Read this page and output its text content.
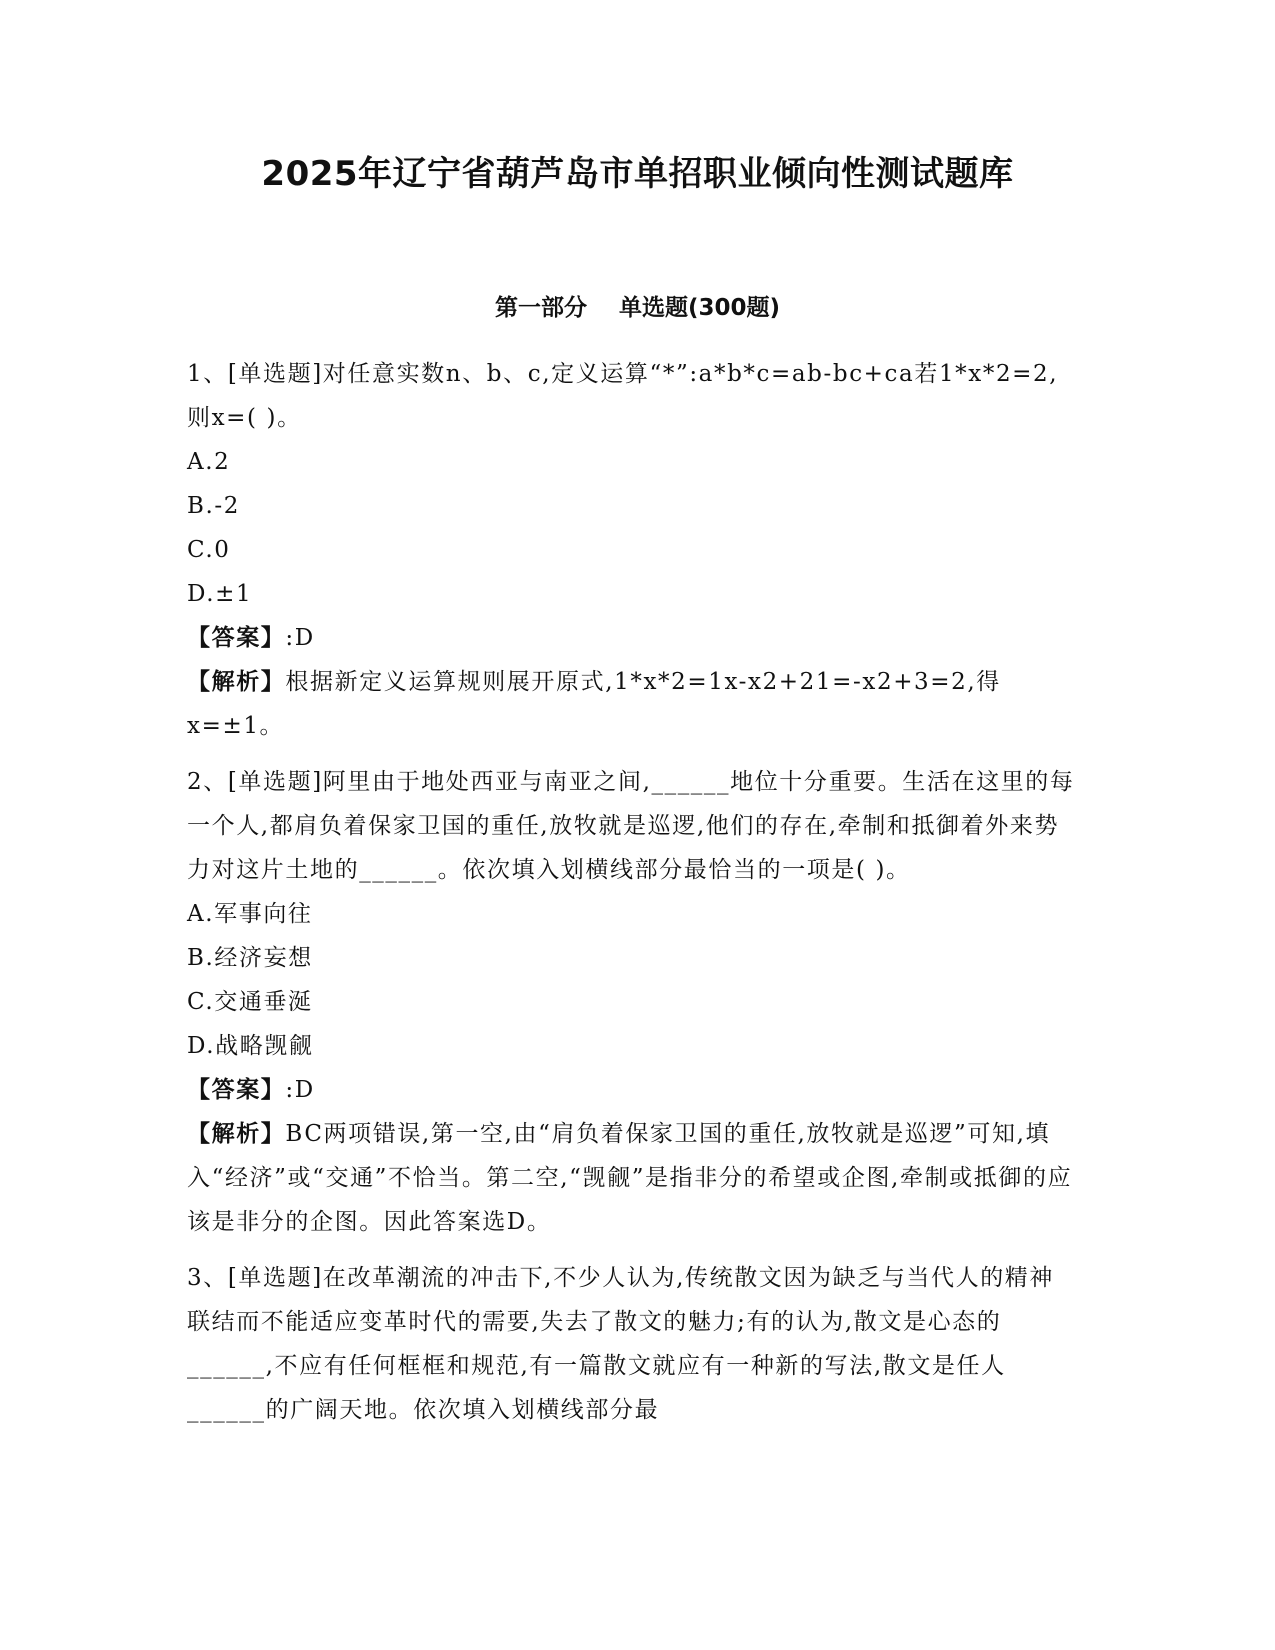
2025年辽宁省葫芦岛市单招职业倾向性测试题库
第一部分    单选题(300题)

1、[单选题]对任意实数n、b、c,定义运算“*”:a*b*c=ab-bc+ca若1*x*2=2,则x=( )。

A.2
B.-2
C.0
D.±1

【答案】:D

【解析】根据新定义运算规则展开原式,1*x*2=1x-x2+21=-x2+3=2,得x=±1。

2、[单选题]阿里由于地处西亚与南亚之间,______地位十分重要。生活在这里的每一个人,都肩负着保家卫国的重任,放牧就是巡逻,他们的存在,牵制和抵御着外来势力对这片土地的______。依次填入划横线部分最恰当的一项是( )。

A.军事向往
B.经济妄想
C.交通垂涎
D.战略觊觎

【答案】:D

【解析】BC两项错误,第一空,由“肩负着保家卫国的重任,放牧就是巡逻”可知,填入“经济”或“交通”不恰当。第二空,“觊觎”是指非分的希望或企图,牵制或抵御的应该是非分的企图。因此答案选D。

3、[单选题]在改革潮流的冲击下,不少人认为,传统散文因为缺乏与当代人的精神联结而不能适应变革时代的需要,失去了散文的魅力;有的认为,散文是心态的______,不应有任何框框和规范,有一篇散文就应有一种新的写法,散文是任人______的广阔天地。依次填入划横线部分最
